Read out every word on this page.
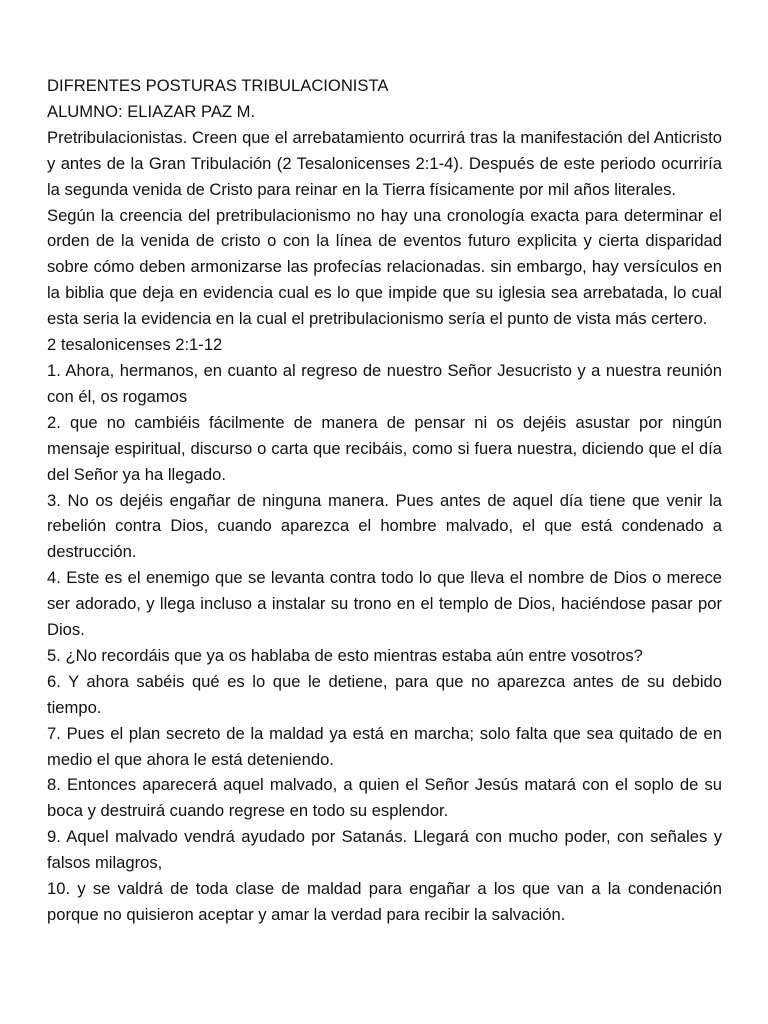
DIFRENTES POSTURAS TRIBULACIONISTA

ALUMNO: ELIAZAR PAZ M.

Pretribulacionistas. Creen que el arrebatamiento ocurrirá tras la manifestación del Anticristo y antes de la Gran Tribulación (2 Tesalonicenses 2:1-4). Después de este periodo ocurriría la segunda venida de Cristo para reinar en la Tierra físicamente por mil años literales.

Según la creencia del pretribulacionismo no hay una cronología exacta para determinar el orden de la venida de cristo o con la línea de eventos futuro explicita y cierta disparidad sobre cómo deben armonizarse las profecías relacionadas. sin embargo, hay versículos en la biblia que deja en evidencia cual es lo que impide que su iglesia sea arrebatada, lo cual esta seria la evidencia en la cual el pretribulacionismo sería el punto de vista más certero.

2 tesalonicenses 2:1-12

1. Ahora, hermanos, en cuanto al regreso de nuestro Señor Jesucristo y a nuestra reunión con él, os rogamos

2. que no cambiéis fácilmente de manera de pensar ni os dejéis asustar por ningún mensaje espiritual, discurso o carta que recibáis, como si fuera nuestra, diciendo que el día del Señor ya ha llegado.

3. No os dejéis engañar de ninguna manera. Pues antes de aquel día tiene que venir la rebelión contra Dios, cuando aparezca el hombre malvado, el que está condenado a destrucción.

4. Este es el enemigo que se levanta contra todo lo que lleva el nombre de Dios o merece ser adorado, y llega incluso a instalar su trono en el templo de Dios, haciéndose pasar por Dios.

5. ¿No recordáis que ya os hablaba de esto mientras estaba aún entre vosotros?

6. Y ahora sabéis qué es lo que le detiene, para que no aparezca antes de su debido tiempo.

7. Pues el plan secreto de la maldad ya está en marcha; solo falta que sea quitado de en medio el que ahora le está deteniendo.

8. Entonces aparecerá aquel malvado, a quien el Señor Jesús matará con el soplo de su boca y destruirá cuando regrese en todo su esplendor.

9. Aquel malvado vendrá ayudado por Satanás. Llegará con mucho poder, con señales y falsos milagros,

10. y se valdrá de toda clase de maldad para engañar a los que van a la condenación porque no quisieron aceptar y amar la verdad para recibir la salvación.
